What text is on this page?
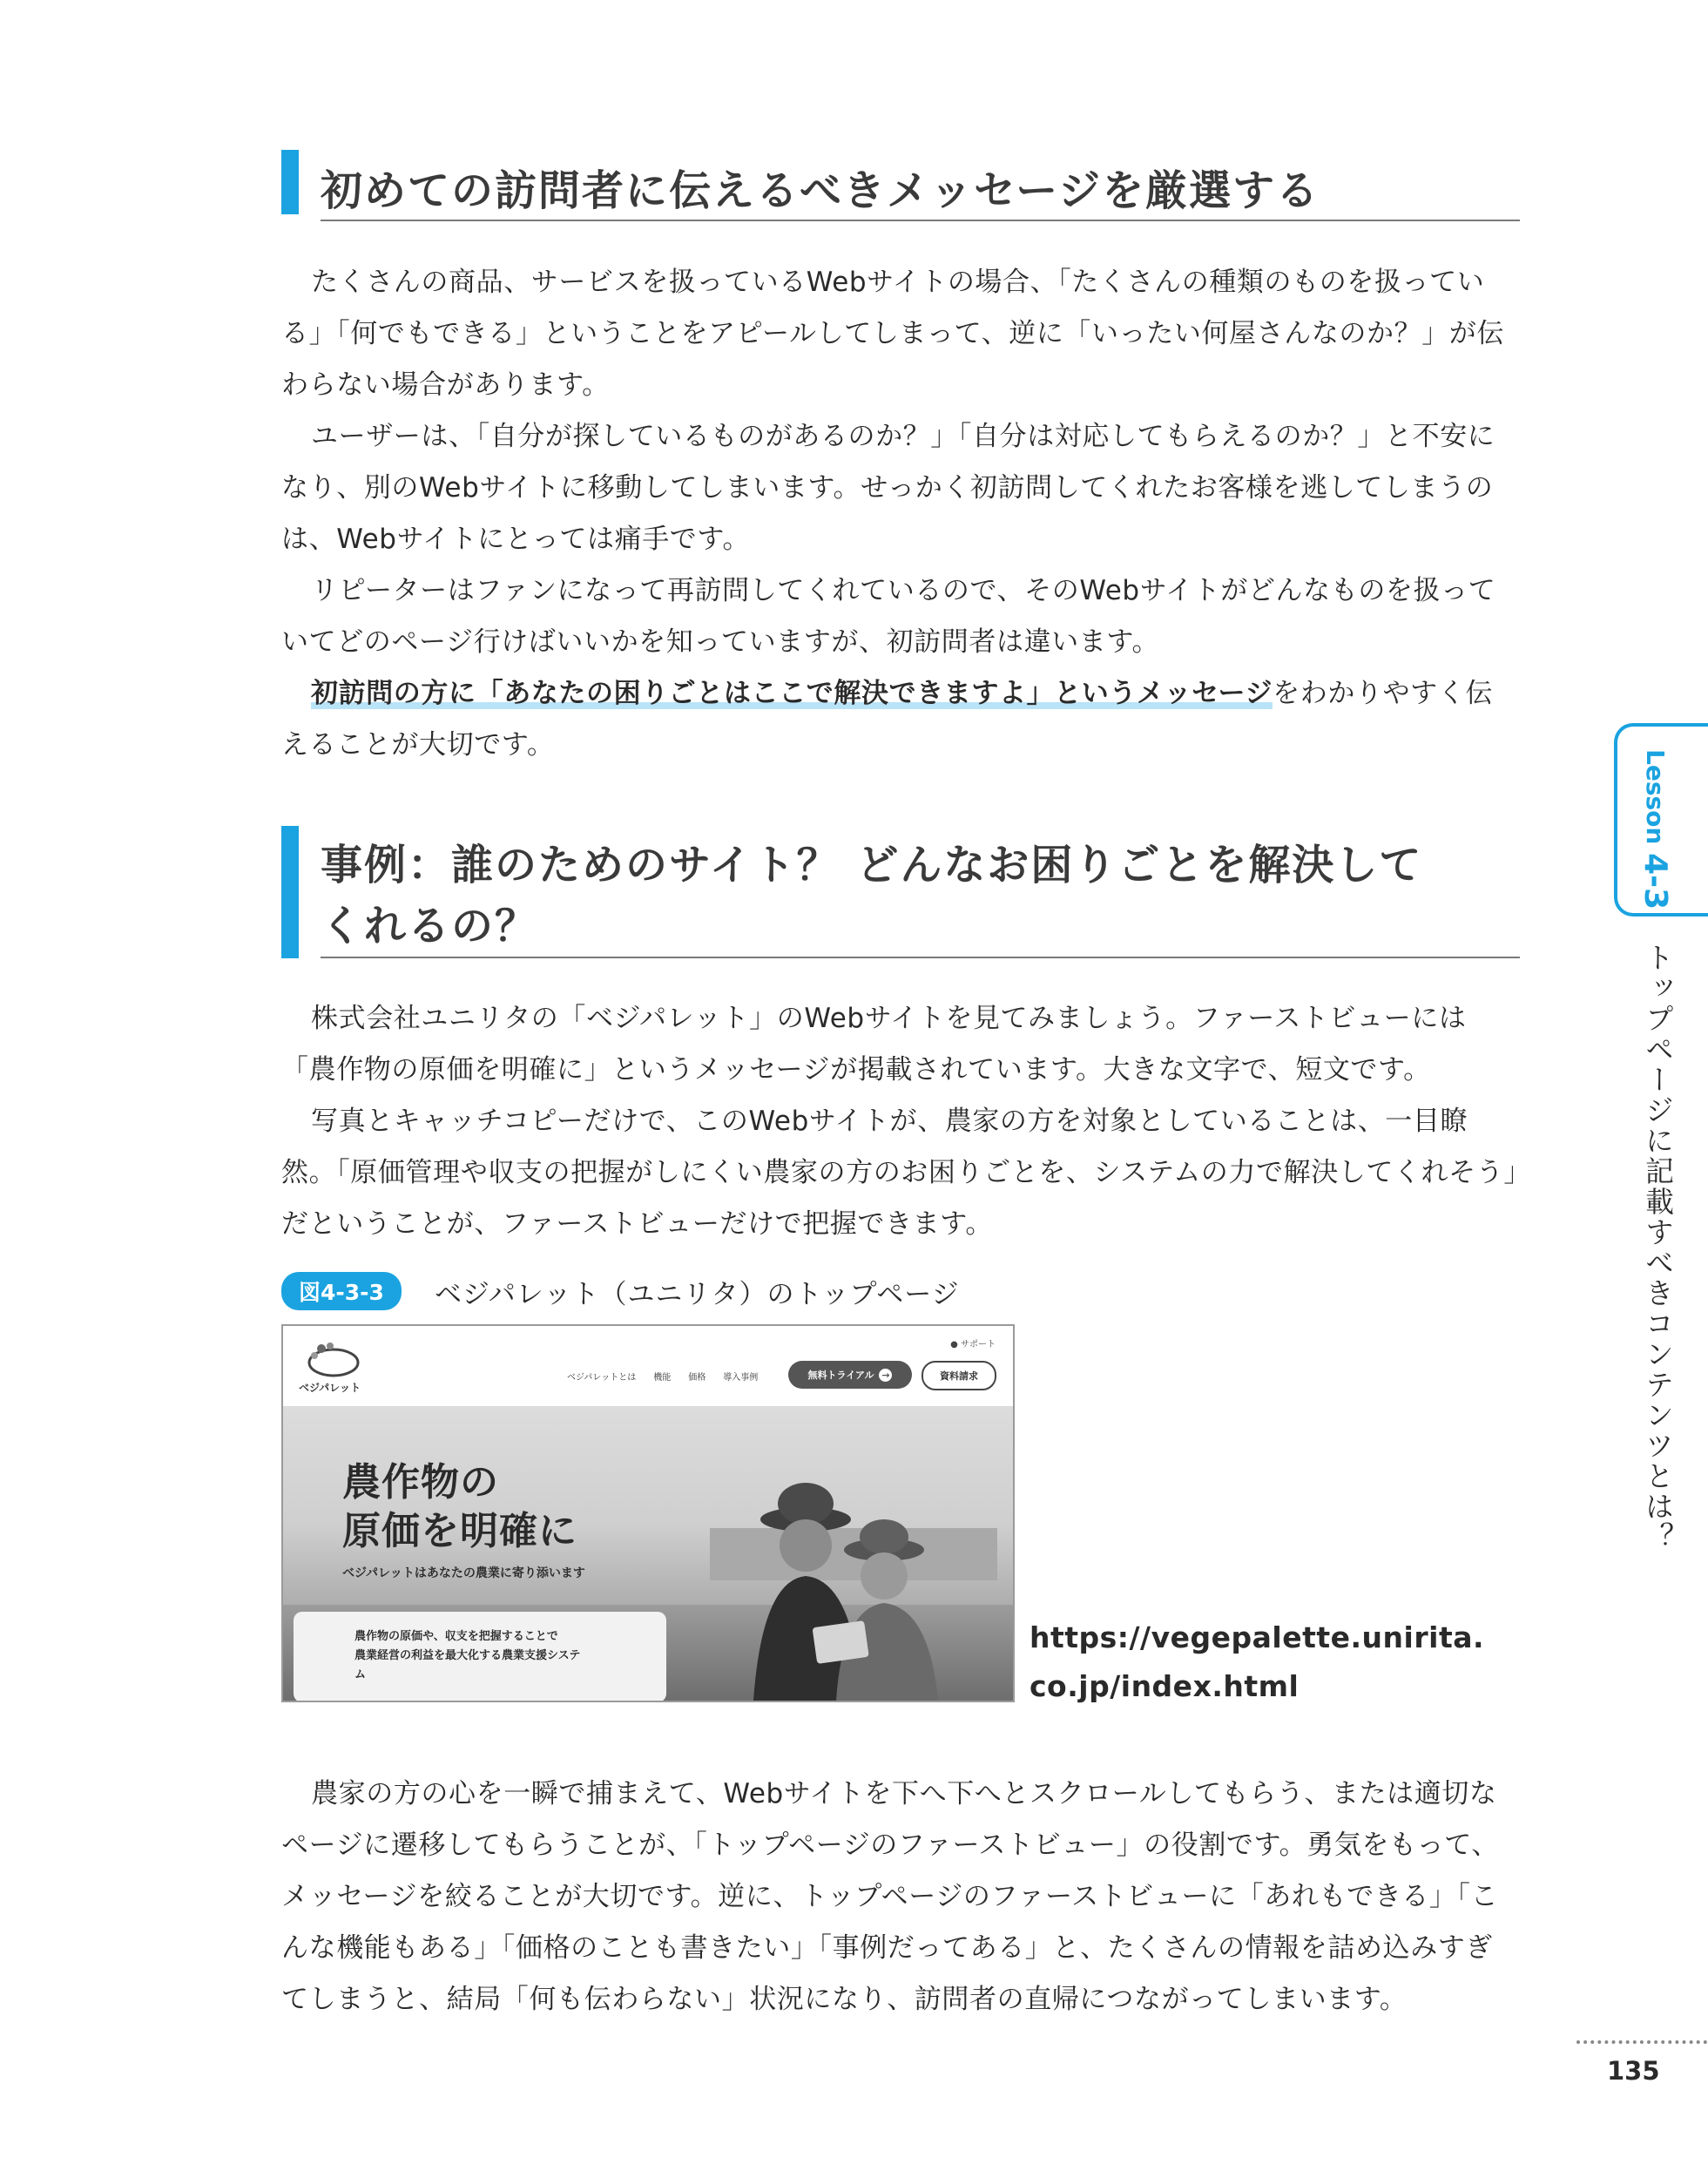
初めての訪問者に伝えるべきメッセージを厳選する

たくさんの商品、サービスを扱っているWebサイトの場合、「たくさんの種類のものを扱っている」「何でもできる」ということをアピールしてしまって、逆に「いったい何屋さんなのか？」が伝わらない場合があります。

ユーザーは、「自分が探しているものがあるのか？」「自分は対応してもらえるのか？」と不安になり、別のWebサイトに移動してしまいます。せっかく初訪問してくれたお客様を逃してしまうのは、Webサイトにとっては痛手です。

リピーターはファンになって再訪問してくれているので、そのWebサイトがどんなものを扱っていてどのページ行けばいいかを知っていますが、初訪問者は違います。

初訪問の方に「あなたの困りごとはここで解決できますよ」というメッセージをわかりやすく伝えることが大切です。

事例：誰のためのサイト？ どんなお困りごとを解決して
くれるの？

株式会社ユニリタの「ベジパレット」のWebサイトを見てみましょう。ファーストビューには「農作物の原価を明確に」というメッセージが掲載されています。大きな文字で、短文です。

写真とキャッチコピーだけで、このWebサイトが、農家の方を対象としていることは、一目瞭然。「原価管理や収支の把握がしにくい農家の方のお困りごとを、システムの力で解決してくれそう」だということが、ファーストビューだけで把握できます。

図4-3-3	ベジパレット（ユニリタ）のトップページ
ベジパレット
● サポート
ベジパレットとは 機能 価格 導入事例	無料トライアル →	資料請求
農作物の
原価を明確に
ベジパレットはあなたの農業に寄り添います
農作物の原価や、収支を把握することで
農業経営の利益を最大化する農業支援システ
ム
https://vegepalette.unirita.
co.jp/index.html

農家の方の心を一瞬で捕まえて、Webサイトを下へ下へとスクロールしてもらう、または適切なページに遷移してもらうことが、「トップページのファーストビュー」の役割です。勇気をもって、メッセージを絞ることが大切です。逆に、トップページのファーストビューに「あれもできる」「こんな機能もある」「価格のことも書きたい」「事例だってある」と、たくさんの情報を詰め込みすぎてしまうと、結局「何も伝わらない」状況になり、訪問者の直帰につながってしまいます。

Lesson 4-3
トップページに記載すべきコンテンツとは？
135
